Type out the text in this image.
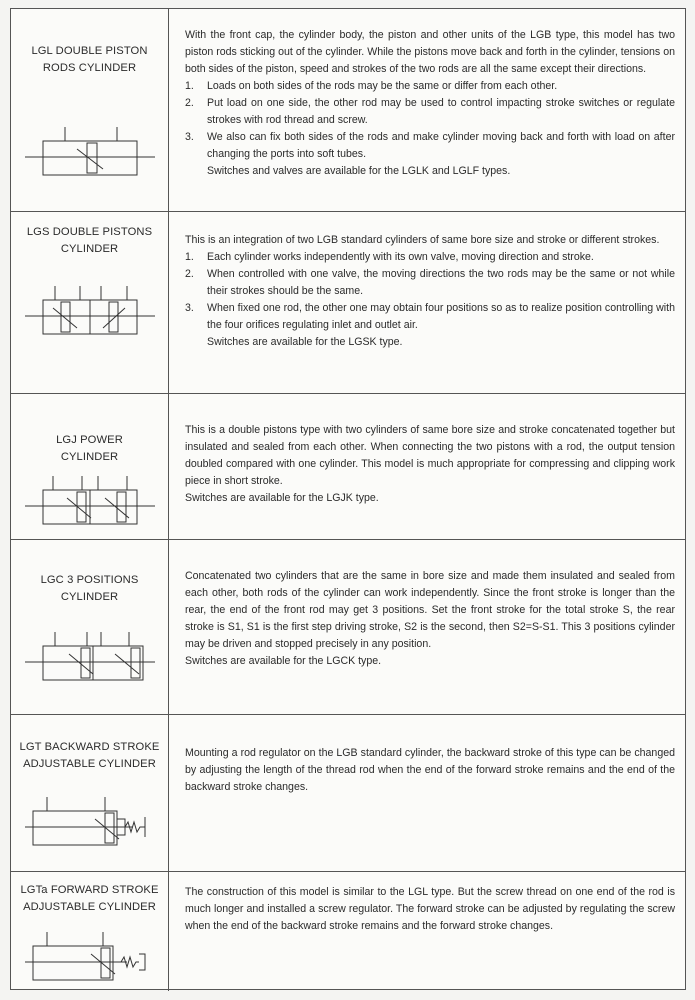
LGL DOUBLE PISTON RODS CYLINDER

With the front cap, the cylinder body, the piston and other units of the LGB type, this model has two piston rods sticking out of the cylinder. While the pistons move back and forth in the cylinder, tensions on both sides of the piston, speed and strokes of the two rods are all the same except their directions.

1. Loads on both sides of the rods may be the same or differ from each other.
2. Put load on one side, the other rod may be used to control impacting stroke switches or regulate strokes with rod thread and screw.
3. We also can fix both sides of the rods and make cylinder moving back and forth with load on after changing the ports into soft tubes.

Switches and valves are available for the LGLK and LGLF types.

LGS DOUBLE PISTONS CYLINDER

This is an integration of two LGB standard cylinders of same bore size and stroke or different strokes.

1. Each cylinder works independently with its own valve, moving direction and stroke.
2. When controlled with one valve, the moving directions the two rods may be the same or not while their strokes should be the same.
3. When fixed one rod, the other one may obtain four positions so as to realize position controlling with the four orifices regulating inlet and outlet air.

Switches are available for the LGSK type.

LGJ POWER CYLINDER

This is a double pistons type with two cylinders of same bore size and stroke concatenated together but insulated and sealed from each other. When connecting the two pistons with a rod, the output tension doubled compared with one cylinder. This model is much appropriate for compressing and clipping work piece in short stroke.

Switches are available for the LGJK type.

LGC 3 POSITIONS CYLINDER

Concatenated two cylinders that are the same in bore size and made them insulated and sealed from each other, both rods of the cylinder can work independently. Since the front stroke is longer than the rear, the end of the front rod may get 3 positions. Set the front stroke for the total stroke S, the rear stroke is S1, S1 is the first step driving stroke, S2 is the second, then S2=S-S1. This 3 positions cylinder may be driven and stopped precisely in any position.

Switches are available for the LGCK type.

LGT BACKWARD STROKE ADJUSTABLE CYLINDER

Mounting a rod regulator on the LGB standard cylinder, the backward stroke of this type can be changed by adjusting the length of the thread rod when the end of the forward stroke remains and the end of the backward stroke changes.

LGTa FORWARD STROKE ADJUSTABLE CYLINDER

The construction of this model is similar to the LGL type. But the screw thread on one end of the rod is much longer and installed a screw regulator. The forward stroke can be adjusted by regulating the screw when the end of the backward stroke remains and the forward stroke changes.
